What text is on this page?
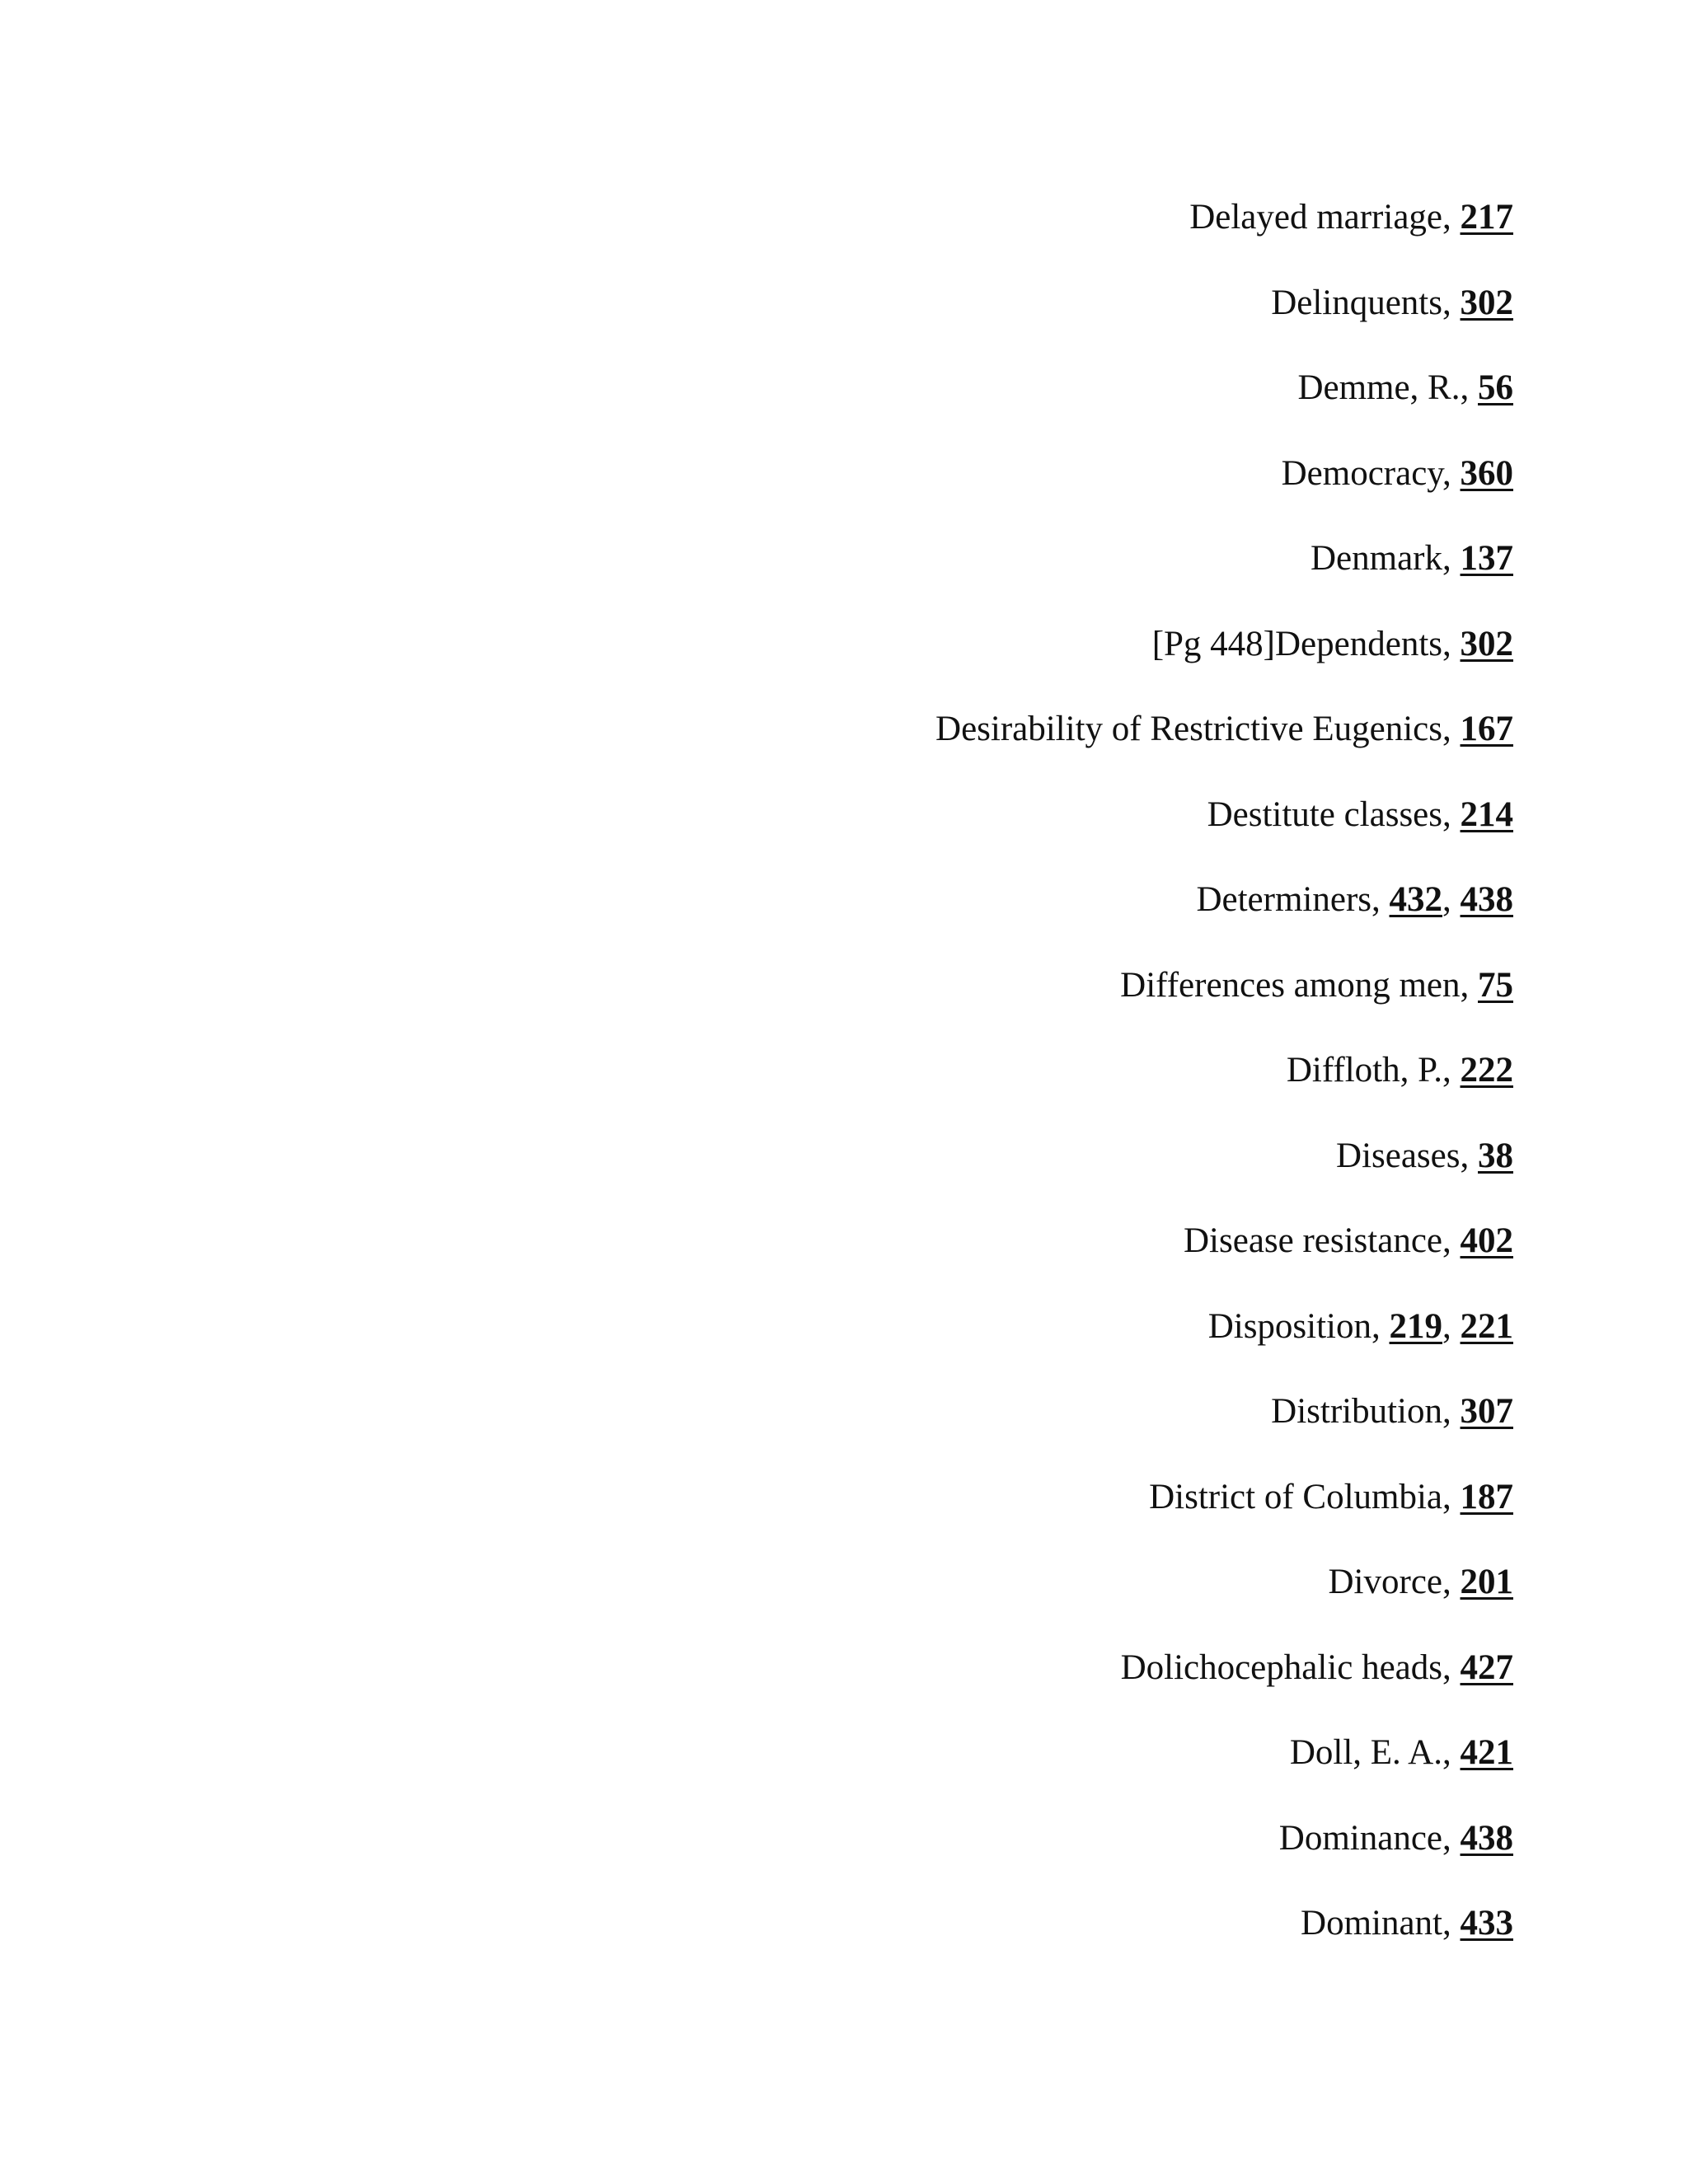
Delayed marriage, 217
Delinquents, 302
Demme, R., 56
Democracy, 360
Denmark, 137
[Pg 448]Dependents, 302
Desirability of Restrictive Eugenics, 167
Destitute classes, 214
Determiners, 432, 438
Differences among men, 75
Diffloth, P., 222
Diseases, 38
Disease resistance, 402
Disposition, 219, 221
Distribution, 307
District of Columbia, 187
Divorce, 201
Dolichocephalic heads, 427
Doll, E. A., 421
Dominance, 438
Dominant, 433
